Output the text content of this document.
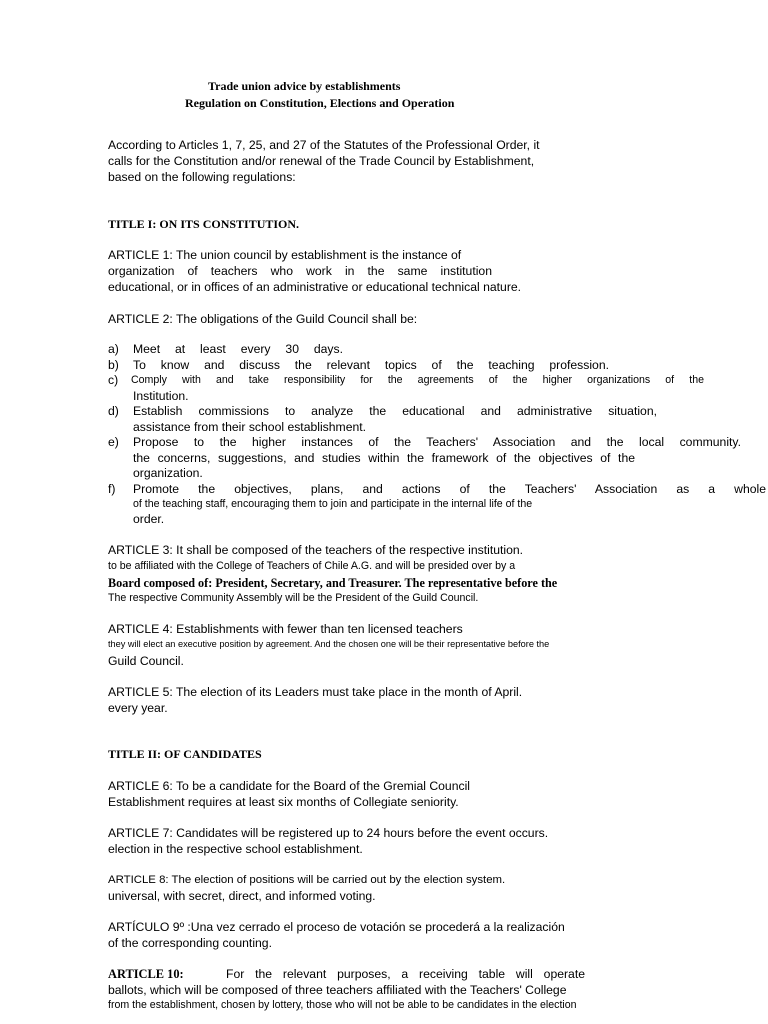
Trade union advice by establishments
Regulation on Constitution, Elections and Operation
According to Articles 1, 7, 25, and 27 of the Statutes of the Professional Order, it
calls for the Constitution and/or renewal of the Trade Council by Establishment,
based on the following regulations:
TITLE I: ON ITS CONSTITUTION.
ARTICLE 1: The union council by establishment is the instance of
organization of teachers who work in the same institution
educational, or in offices of an administrative or educational technical nature.
ARTICLE 2: The obligations of the Guild Council shall be:
a) Meet at least every 30 days.
b) To know and discuss the relevant topics of the teaching profession.
c) Comply with and take responsibility for the agreements of the higher organizations of the
Institution.
d) Establish commissions to analyze the educational and administrative situation,
assistance from their school establishment.
e) Propose to the higher instances of the Teachers' Association and the local community.
the concerns, suggestions, and studies within the framework of the objectives of the
organization.
f) Promote the objectives, plans, and actions of the Teachers' Association as a whole
of the teaching staff, encouraging them to join and participate in the internal life of the
order.
ARTICLE 3: It shall be composed of the teachers of the respective institution.
to be affiliated with the College of Teachers of Chile A.G. and will be presided over by a
Board composed of: President, Secretary, and Treasurer. The representative before the
The respective Community Assembly will be the President of the Guild Council.
ARTICLE 4: Establishments with fewer than ten licensed teachers
they will elect an executive position by agreement. And the chosen one will be their representative before the
Guild Council.
ARTICLE 5: The election of its Leaders must take place in the month of April.
every year.
TITLE II: OF CANDIDATES
ARTICLE 6: To be a candidate for the Board of the Gremial Council
Establishment requires at least six months of Collegiate seniority.
ARTICLE 7: Candidates will be registered up to 24 hours before the event occurs.
election in the respective school establishment.
ARTICLE 8: The election of positions will be carried out by the election system.
universal, with secret, direct, and informed voting.
ARTÍCULO 9º :Una vez cerrado el proceso de votación se procederá a la realización
of the corresponding counting.
ARTICLE 10:	For the relevant purposes, a receiving table will operate
ballots, which will be composed of three teachers affiliated with the Teachers' College
from the establishment, chosen by lottery, those who will not be able to be candidates in the election
